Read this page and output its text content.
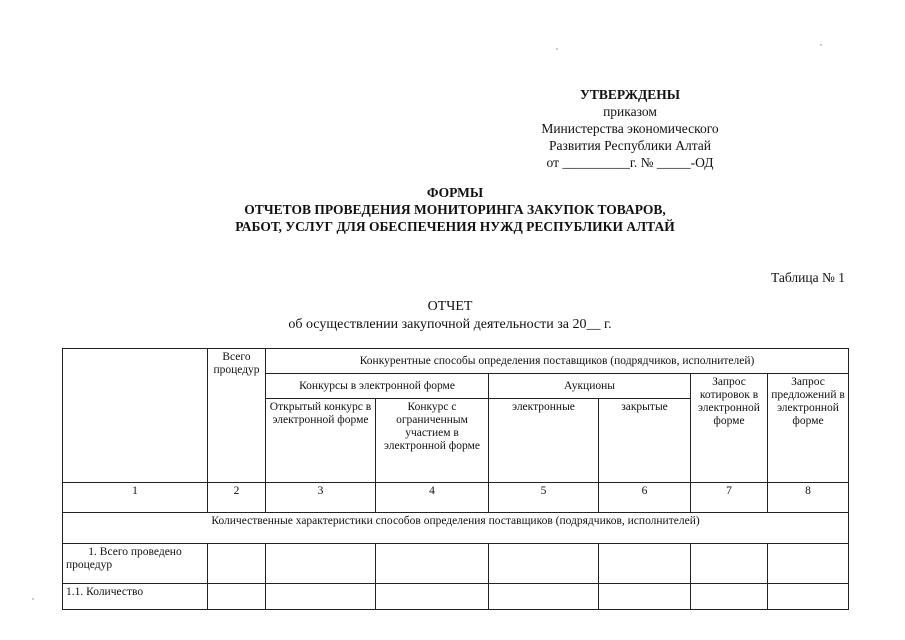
УТВЕРЖДЕНЫ
приказом
Министерства экономического
Развития Республики Алтай
от __________г. № _____-ОД
ФОРМЫ
ОТЧЕТОВ ПРОВЕДЕНИЯ МОНИТОРИНГА ЗАКУПОК ТОВАРОВ,
РАБОТ, УСЛУГ ДЛЯ ОБЕСПЕЧЕНИЯ НУЖД РЕСПУБЛИКИ АЛТАЙ
Таблица № 1
ОТЧЕТ
об осуществлении закупочной деятельности за 20__ г.
	Всего процедур	Конкурентные способы определения поставщиков (подрядчиков, исполнителей)					
		Конкурсы в электронной форме		Аукционы		Запрос котировок в электронной форме	Запрос предложений в электронной форме
		Открытый конкурс в электронной форме	Конкурс с ограниченным участием в электронной форме	электронные	закрытые		
1	2	3	4	5	6	7	8
Количественные характеристики способов определения поставщиков (подрядчиков, исполнителей)							
1. Всего проведено процедур							
1.1. Количество							
